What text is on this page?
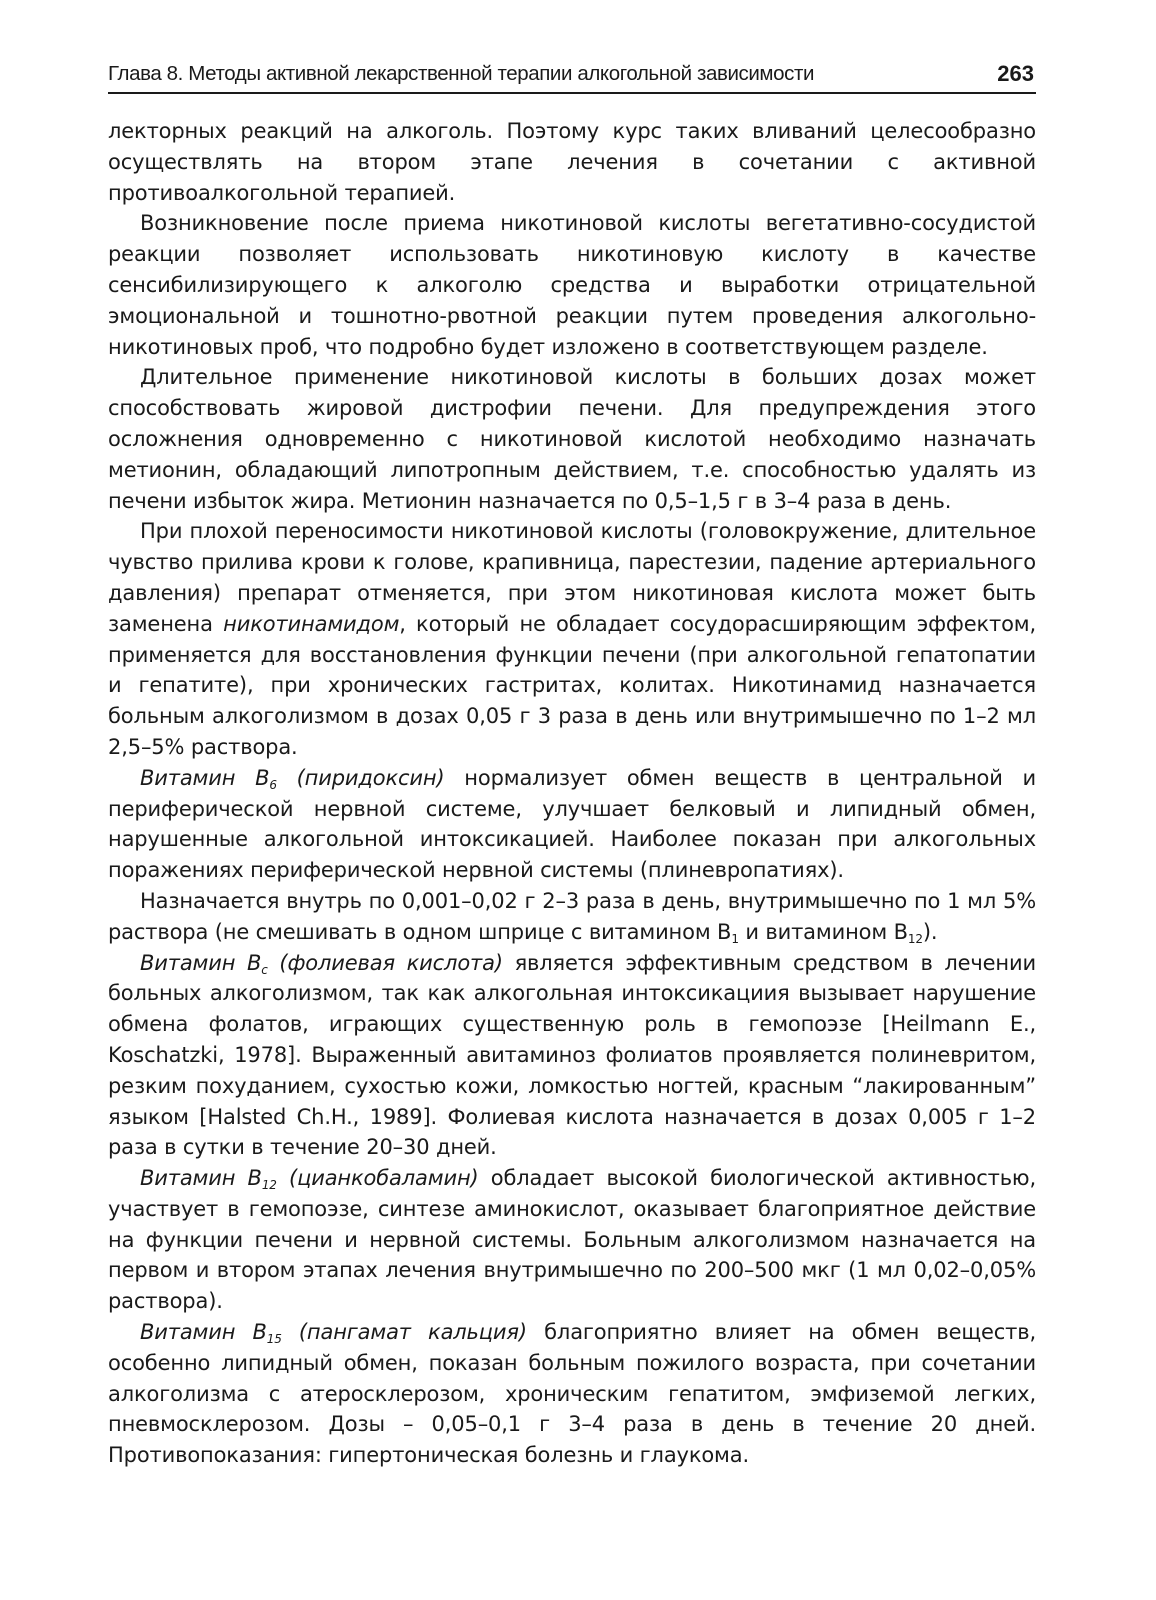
Глава 8. Методы активной лекарственной терапии алкогольной зависимости	263

лекторных реакций на алкоголь. Поэтому курс таких вливаний целесообразно осуществлять на втором этапе лечения в сочетании с активной противоалкогольной терапией.

Возникновение после приема никотиновой кислоты вегетативно-сосудистой реакции позволяет использовать никотиновую кислоту в качестве сенсибилизирующего к алкоголю средства и выработки отрицательной эмоциональной и тошнотно-рвотной реакции путем проведения алкогольно-никотиновых проб, что подробно будет изложено в соответствующем разделе.

Длительное применение никотиновой кислоты в больших дозах может способствовать жировой дистрофии печени. Для предупреждения этого осложнения одновременно с никотиновой кислотой необходимо назначать метионин, обладающий липотропным действием, т.е. способностью удалять из печени избыток жира. Метионин назначается по 0,5–1,5 г в 3–4 раза в день.

При плохой переносимости никотиновой кислоты (головокружение, длительное чувство прилива крови к голове, крапивница, парестезии, падение артериального давления) препарат отменяется, при этом никотиновая кислота может быть заменена никотинамидом, который не обладает сосудорасширяющим эффектом, применяется для восстановления функции печени (при алкогольной гепатопатии и гепатите), при хронических гастритах, колитах. Никотинамид назначается больным алкоголизмом в дозах 0,05 г 3 раза в день или внутримышечно по 1–2 мл 2,5–5% раствора.

Витамин $В_6$ (пиридоксин) нормализует обмен веществ в центральной и периферической нервной системе, улучшает белковый и липидный обмен, нарушенные алкогольной интоксикацией. Наиболее показан при алкогольных поражениях периферической нервной системы (плиневропатиях).

Назначается внутрь по 0,001–0,02 г 2–3 раза в день, внутримышечно по 1 мл 5% раствора (не смешивать в одном шприце с витамином $В_1$ и витамином $В_{12}$).

Витамин $В_с$ (фолиевая кислота) является эффективным средством в лечении больных алкоголизмом, так как алкогольная интоксикациия вызывает нарушение обмена фолатов, играющих существенную роль в гемопоэзе [Heilmann E., Koschatzki, 1978]. Выраженный авитаминоз фолиатов проявляется полиневритом, резким похуданием, сухостью кожи, ломкостью ногтей, красным “лакированным” языком [Halsted Ch.H., 1989]. Фолиевая кислота назначается в дозах 0,005 г 1–2 раза в сутки в течение 20–30 дней.

Витамин $В_{12}$ (цианкобаламин) обладает высокой биологической активностью, участвует в гемопоэзе, синтезе аминокислот, оказывает благоприятное действие на функции печени и нервной системы. Больным алкоголизмом назначается на первом и втором этапах лечения внутримышечно по 200–500 мкг (1 мл 0,02–0,05% раствора).

Витамин $В_{15}$ (пангамат кальция) благоприятно влияет на обмен веществ, особенно липидный обмен, показан больным пожилого возраста, при сочетании алкоголизма с атеросклерозом, хроническим гепатитом, эмфиземой легких, пневмосклерозом. Дозы – 0,05–0,1 г 3–4 раза в день в течение 20 дней. Противопоказания: гипертоническая болезнь и глаукома.
